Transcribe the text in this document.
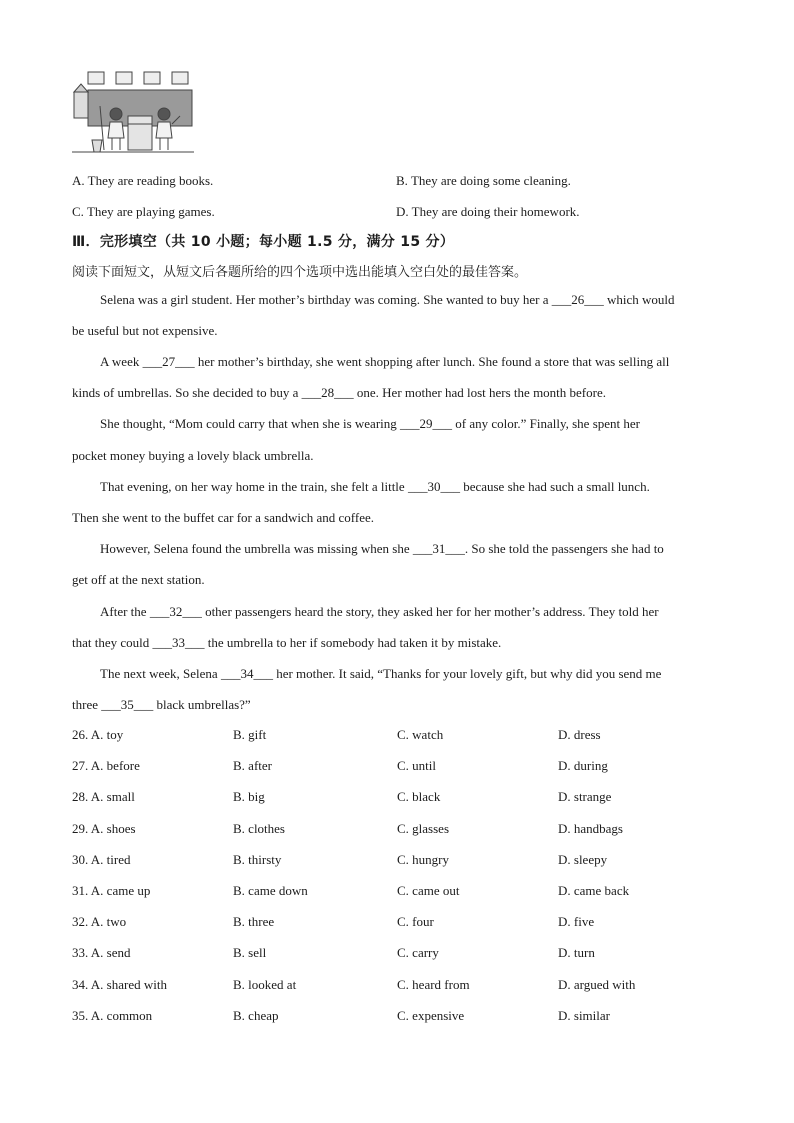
A. They are reading books.	B. They are doing some cleaning.
C. They are playing games.	D. They are doing their homework.
Ⅲ．完形填空（共 10 小题；每小题 1.5 分，满分 15 分）
阅读下面短文，从短文后各题所给的四个选项中选出能填入空白处的最佳答案。
Selena was a girl student. Her mother’s birthday was coming. She wanted to buy her a ___26___ which would
be useful but not expensive.
A week ___27___ her mother’s birthday, she went shopping after lunch. She found a store that was selling all
kinds of umbrellas. So she decided to buy a ___28___ one. Her mother had lost hers the month before.
She thought, “Mom could carry that when she is wearing ___29___ of any color.” Finally, she spent her
pocket money buying a lovely black umbrella.
That evening, on her way home in the train, she felt a little ___30___ because she had such a small lunch.
Then she went to the buffet car for a sandwich and coffee.
However, Selena found the umbrella was missing when she ___31___. So she told the passengers she had to
get off at the next station.
After the ___32___ other passengers heard the story, they asked her for her mother’s address. They told her
that they could ___33___ the umbrella to her if somebody had taken it by mistake.
The next week, Selena ___34___ her mother. It said, “Thanks for your lovely gift, but why did you send me
three ___35___ black umbrellas?”
26. A. toy	B. gift	C. watch	D. dress
27. A. before	B. after	C. until	D. during
28. A. small	B. big	C. black	D. strange
29. A. shoes	B. clothes	C. glasses	D. handbags
30. A. tired	B. thirsty	C. hungry	D. sleepy
31. A. came up	B. came down	C. came out	D. came back
32. A. two	B. three	C. four	D. five
33. A. send	B. sell	C. carry	D. turn
34. A. shared with	B. looked at	C. heard from	D. argued with
35. A. common	B. cheap	C. expensive	D. similar
